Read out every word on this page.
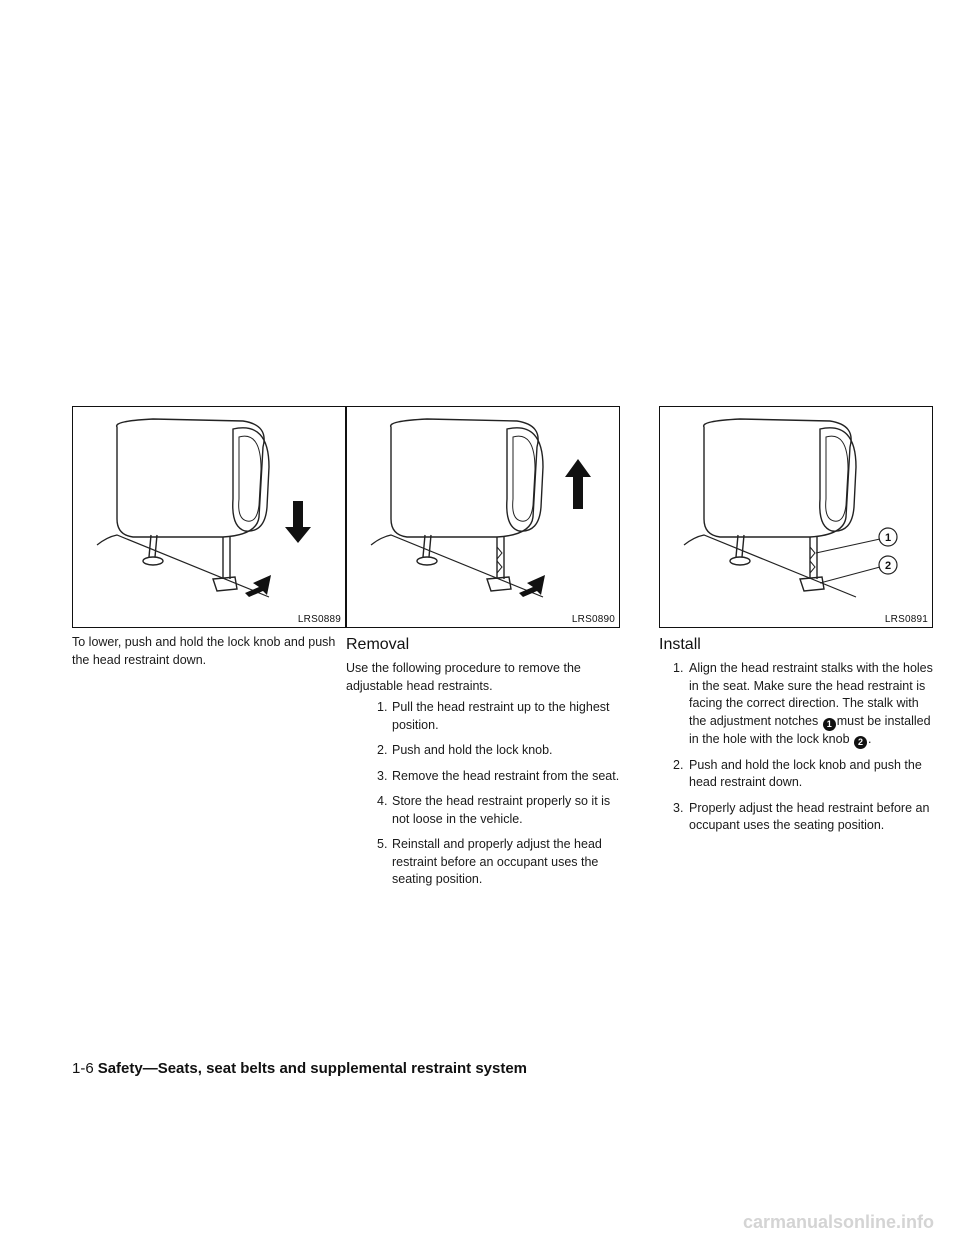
LRS0889

To lower, push and hold the lock knob and push the head restraint down.

LRS0890
Removal

Use the following procedure to remove the adjustable head restraints.

1. Pull the head restraint up to the highest position.
2. Push and hold the lock knob.
3. Remove the head restraint from the seat.
4. Store the head restraint properly so it is not loose in the vehicle.
5. Reinstall and properly adjust the head restraint before an occupant uses the seating position.
1
2
LRS0891
Install
1. Align the head restraint stalks with the holes in the seat. Make sure the head restraint is facing the correct direction. The stalk with the adjustment notches 1 must be installed in the hole with the lock knob 2 .
2. Push and hold the lock knob and push the head restraint down.
3. Properly adjust the head restraint before an occupant uses the seating position.
1-6 Safety—Seats, seat belts and supplemental restraint system
carmanualsonline.info
